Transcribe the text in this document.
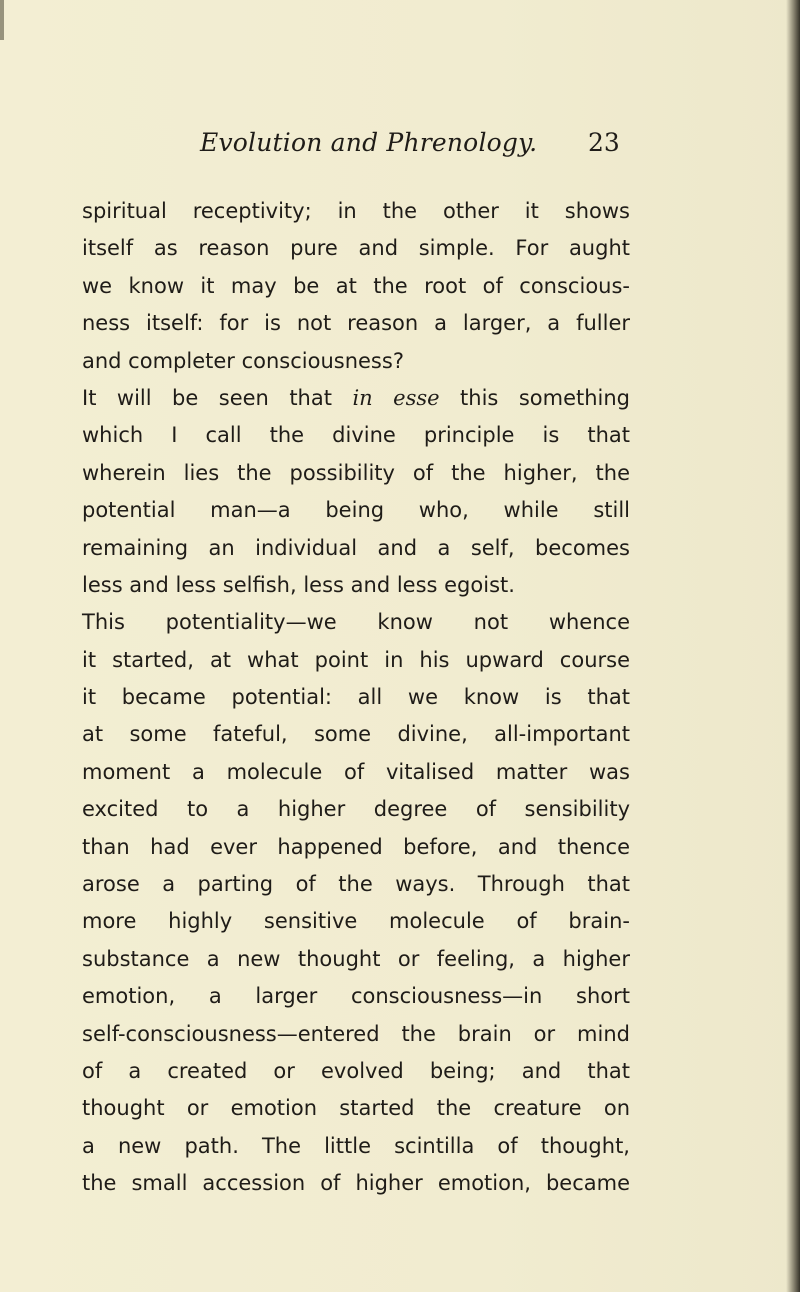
Evolution and Phrenology. 23
spiritual receptivity; in the other it shows
itself as reason pure and simple. For aught
we know it may be at the root of conscious-
ness itself: for is not reason a larger, a fuller
and completer consciousness?
It will be seen that in esse this something
which I call the divine principle is that
wherein lies the possibility of the higher, the
potential man—a being who, while still
remaining an individual and a self, becomes
less and less selfish, less and less egoist.
This potentiality—we know not whence
it started, at what point in his upward course
it became potential: all we know is that
at some fateful, some divine, all-important
moment a molecule of vitalised matter was
excited to a higher degree of sensibility
than had ever happened before, and thence
arose a parting of the ways. Through that
more highly sensitive molecule of brain-
substance a new thought or feeling, a higher
emotion, a larger consciousness—in short
self-consciousness—entered the brain or mind
of a created or evolved being; and that
thought or emotion started the creature on
a new path. The little scintilla of thought,
the small accession of higher emotion, became
